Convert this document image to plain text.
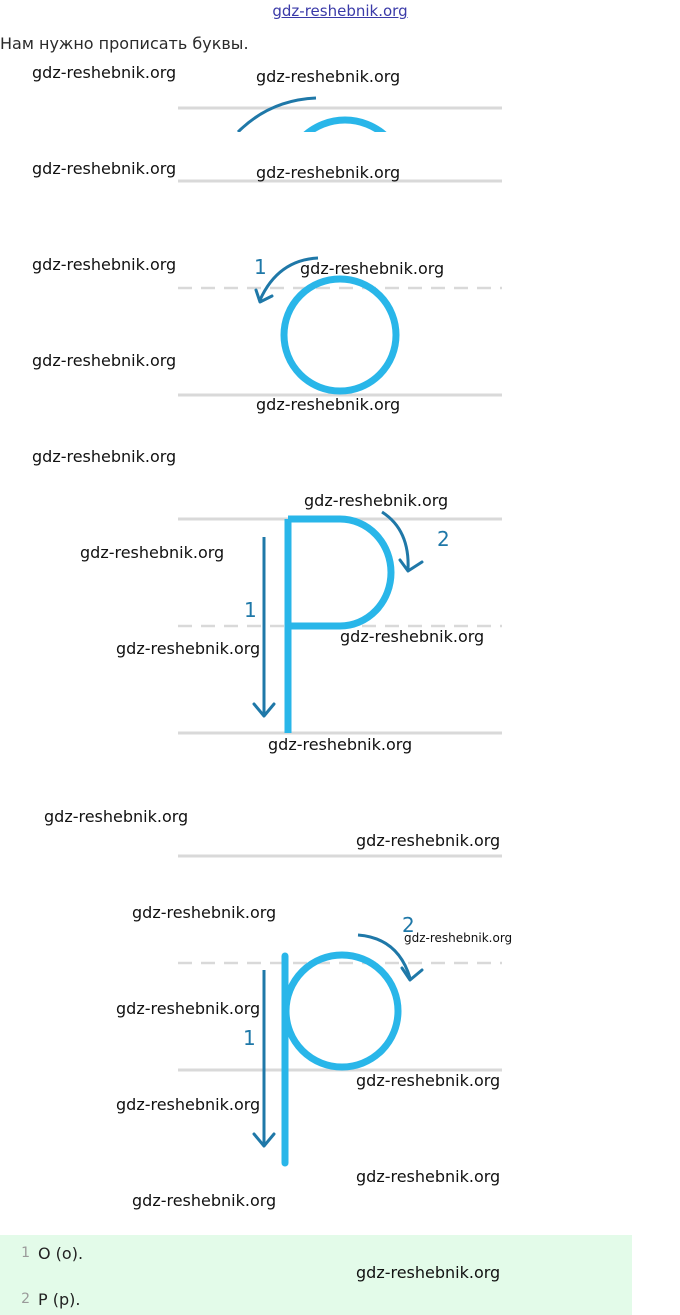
gdz-reshebnik.org
Нам нужно прописать буквы.
1
1
2
1
2
gdz-reshebnik.org	gdz-reshebnik.org
gdz-reshebnik.org	gdz-reshebnik.org
gdz-reshebnik.org	gdz-reshebnik.org
gdz-reshebnik.org
gdz-reshebnik.org
gdz-reshebnik.org
gdz-reshebnik.org
gdz-reshebnik.org
gdz-reshebnik.org
gdz-reshebnik.org
gdz-reshebnik.org
gdz-reshebnik.org
gdz-reshebnik.org
gdz-reshebnik.org
gdz-reshebnik.org
gdz-reshebnik.org
gdz-reshebnik.org
gdz-reshebnik.org
gdz-reshebnik.org
gdz-reshebnik.org
1 О (о).
2 Р (р).
gdz-reshebnik.org
